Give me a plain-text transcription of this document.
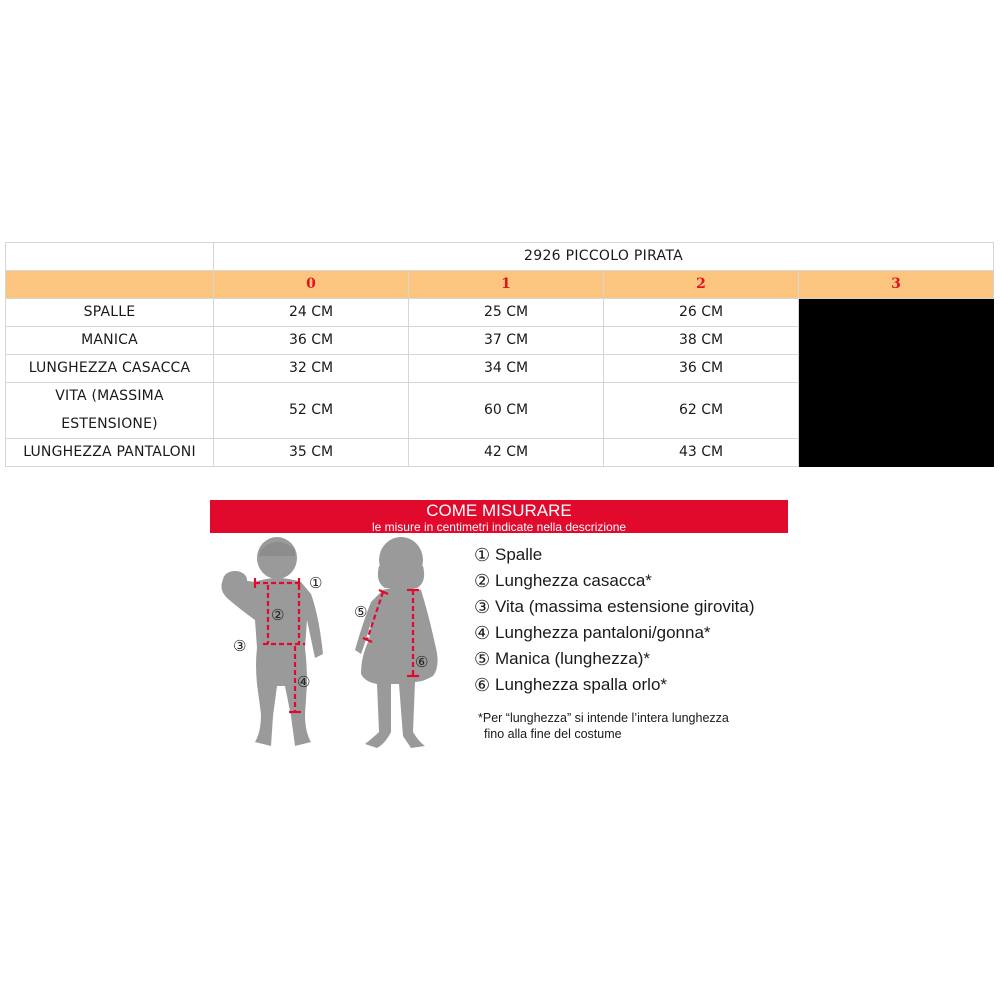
	2926 PICCOLO PIRATA			
	0	1	2	3
SPALLE	24 CM	25 CM	26 CM	
MANICA	36 CM	37 CM	38 CM	
LUNGHEZZA CASACCA	32 CM	34 CM	36 CM	

VITA (MASSIMA
ESTENSIONE)	52 CM	60 CM	62 CM	
LUNGHEZZA PANTALONI	35 CM	42 CM	43 CM	
COME MISURARE
le misure in centimetri indicate nella descrizione
①
②
③
④
⑤
⑥
① Spalle
② Lunghezza casacca*
③ Vita (massima estensione girovita)
④ Lunghezza pantaloni/gonna*
⑤ Manica (lunghezza)*
⑥ Lunghezza spalla orlo*
*Per “lunghezza” si intende l’intera lunghezza
fino alla fine del costume
